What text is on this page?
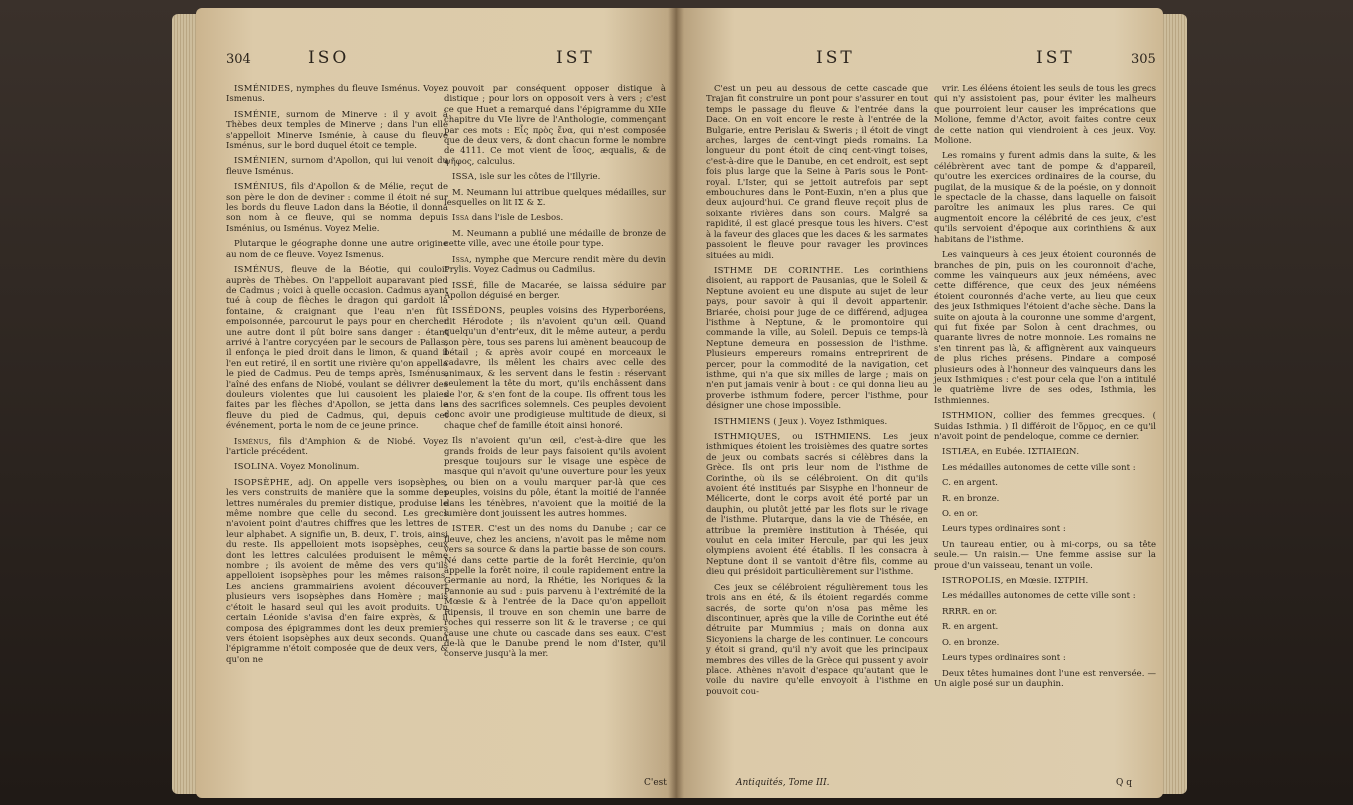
304	ISO	IST

ISMÉNIDES, nymphes du fleuve Isménus. Voyez Ismenus.

ISMÉNIE, surnom de Minerve : il y avoit à Thèbes deux temples de Minerve ; dans l'un elle s'appelloit Minerve Isménie, à cause du fleuve Isménus, sur le bord duquel étoit ce temple.

ISMÉNIEN, surnom d'Apollon, qui lui venoit du fleuve Isménus.

ISMÉNIUS, fils d'Apollon & de Mélie, reçut de son père le don de deviner : comme il étoit né sur les bords du fleuve Ladon dans la Béotie, il donna son nom à ce fleuve, qui se nomma depuis Isménius, ou Isménus. Voyez Melie.

Plutarque le géographe donne une autre origine au nom de ce fleuve. Voyez Ismenus.

ISMÉNUS, fleuve de la Béotie, qui couloit auprès de Thèbes. On l'appelloit auparavant pied de Cadmus ; voici à quelle occasion. Cadmus ayant tué à coup de flèches le dragon qui gardoit la fontaine, & craignant que l'eau n'en fût empoisonnée, parcourut le pays pour en chercher une autre dont il pût boire sans danger : étant arrivé à l'antre corycyéen par le secours de Pallas, il enfonça le pied droit dans le limon, & quand il l'en eut retiré, il en sortit une rivière qu'on appella le pied de Cadmus. Peu de temps après, Isménus, l'aîné des enfans de Niobé, voulant se délivrer des douleurs violentes que lui causoient les plaies faites par les flèches d'Apollon, se jetta dans le fleuve du pied de Cadmus, qui, depuis cet événement, porta le nom de ce jeune prince.

Isménus, fils d'Amphion & de Niobé. Voyez l'article précédent.

ISOLINA. Voyez Monolinum.

ISOPSÈPHE, adj. On appelle vers isopsèphes, les vers construits de manière que la somme des lettres numérales du premier distique, produise le même nombre que celle du second. Les grecs n'avoient point d'autres chiffres que les lettres de leur alphabet. A signifie un, B. deux, Γ. trois, ainsi du reste. Ils appelloient mots isopsèphes, ceux dont les lettres calculées produisent le même nombre ; ils avoient de même des vers qu'ils appelloient isopsèphes pour les mêmes raisons. Les anciens grammairiens avoient découvert plusieurs vers isopsèphes dans Homère ; mais c'étoit le hasard seul qui les avoit produits. Un certain Léonide s'avisa d'en faire exprès, & il composa des épigrammes dont les deux premiers vers étoient isopsèphes aux deux seconds. Quand l'épigramme n'étoit composée que de deux vers, & qu'on ne

pouvoit par conséquent opposer distique à distique ; pour lors on opposoit vers à vers ; c'est ce que Huet a remarqué dans l'épigramme du XIIe chapitre du VIe livre de l'Anthologie, commençant par ces mots : Εἷς πρὸς ἕνα, qui n'est composée que de deux vers, & dont chacun forme le nombre de 4111. Ce mot vient de ἴσος, æqualis, & de ψῆφος, calculus.

ISSA, isle sur les côtes de l'Illyrie.

M. Neumann lui attribue quelques médailles, sur lesquelles on lit IΣ & Σ.

Issa dans l'isle de Lesbos.

M. Neumann a publié une médaille de bronze de cette ville, avec une étoile pour type.

Issa, nymphe que Mercure rendit mère du devin Prylis. Voyez Cadmus ou Cadmilus.

ISSÉ, fille de Macarée, se laissa séduire par Apollon déguisé en berger.

ISSÉDONS, peuples voisins des Hyperboréens, dit Hérodote ; ils n'avoient qu'un œil. Quand quelqu'un d'entr'eux, dit le même auteur, a perdu son père, tous ses parens lui amènent beaucoup de bétail ; & après avoir coupé en morceaux le cadavre, ils mêlent les chairs avec celle des animaux, & les servent dans le festin : réservant seulement la tête du mort, qu'ils enchâssent dans de l'or, & s'en font de la coupe. Ils offrent tous les ans des sacrifices solemnels. Ces peuples devoient donc avoir une prodigieuse multitude de dieux, si chaque chef de famille étoit ainsi honoré.

Ils n'avoient qu'un œil, c'est-à-dire que les grands froids de leur pays faisoient qu'ils avoient presque toujours sur le visage une espèce de masque qui n'avoit qu'une ouverture pour les yeux ; ou bien on a voulu marquer par-là que ces peuples, voisins du pôle, étant la moitié de l'année dans les ténèbres, n'avoient que la moitié de la lumière dont jouissent les autres hommes.

ISTER. C'est un des noms du Danube ; car ce fleuve, chez les anciens, n'avoit pas le même nom vers sa source & dans la partie basse de son cours. Né dans cette partie de la forêt Hercinie, qu'on appelle la forêt noire, il coule rapidement entre la Germanie au nord, la Rhétie, les Noriques & la Pannonie au sud : puis parvenu à l'extrémité de la Mœsie & à l'entrée de la Dace qu'on appelloit Ripensis, il trouve en son chemin une barre de roches qui resserre son lit & le traverse ; ce qui cause une chute ou cascade dans ses eaux. C'est de-là que le Danube prend le nom d'Ister, qu'il conserve jusqu'à la mer.

C'est
IST	IST	305

C'est un peu au dessous de cette cascade que Trajan fit construire un pont pour s'assurer en tout temps le passage du fleuve & l'entrée dans la Dace. On en voit encore le reste à l'entrée de la Bulgarie, entre Perislau & Sweris ; il étoit de vingt arches, larges de cent-vingt pieds romains. La longueur du pont étoit de cinq cent-vingt toises, c'est-à-dire que le Danube, en cet endroit, est sept fois plus large que la Seine à Paris sous le Pont-royal. L'Ister, qui se jettoit autrefois par sept embouchures dans le Pont-Euxin, n'en a plus que deux aujourd'hui. Ce grand fleuve reçoit plus de soixante rivières dans son cours. Malgré sa rapidité, il est glacé presque tous les hivers. C'est à la faveur des glaces que les daces & les sarmates passoient le fleuve pour ravager les provinces situées au midi.

ISTHME DE CORINTHE. Les corinthiens disoient, au rapport de Pausanias, que le Soleil & Neptune avoient eu une dispute au sujet de leur pays, pour savoir à qui il devoit appartenir. Briarée, choisi pour juge de ce différend, adjugea l'isthme à Neptune, & le promontoire qui commande la ville, au Soleil. Depuis ce temps-là Neptune demeura en possession de l'isthme. Plusieurs empereurs romains entreprirent de percer, pour la commodité de la navigation, cet isthme, qui n'a que six milles de large ; mais on n'en put jamais venir à bout : ce qui donna lieu au proverbe isthmum fodere, percer l'isthme, pour désigner une chose impossible.

ISTHMIENS ( Jeux ). Voyez Isthmiques.

ISTHMIQUES, ou ISTHMIENS. Les jeux isthmiques étoient les troisièmes des quatre sortes de jeux ou combats sacrés si célèbres dans la Grèce. Ils ont pris leur nom de l'isthme de Corinthe, où ils se célébroient. On dit qu'ils avoient été institués par Sisyphe en l'honneur de Mélicerte, dont le corps avoit été porté par un dauphin, ou plutôt jetté par les flots sur le rivage de l'isthme. Plutarque, dans la vie de Thésée, en attribue la première institution à Thésée, qui voulut en cela imiter Hercule, par qui les jeux olympiens avoient été établis. Il les consacra à Neptune dont il se vantoit d'être fils, comme au dieu qui présidoit particulièrement sur l'isthme.

Ces jeux se célébroient régulièrement tous les trois ans en été, & ils étoient regardés comme sacrés, de sorte qu'on n'osa pas même les discontinuer, après que la ville de Corinthe eut été détruite par Mummius ; mais on donna aux Sicyoniens la charge de les continuer. Le concours y étoit si grand, qu'il n'y avoit que les principaux membres des villes de la Grèce qui pussent y avoir place. Athènes n'avoit d'espace qu'autant que le voile du navire qu'elle envoyoit à l'isthme en pouvoit cou-

vrir. Les éléens étoient les seuls de tous les grecs qui n'y assistoient pas, pour éviter les malheurs que pourroient leur causer les imprécations que Molione, femme d'Actor, avoit faites contre ceux de cette nation qui viendroient à ces jeux. Voy. Molione.

Les romains y furent admis dans la suite, & les célébrèrent avec tant de pompe & d'appareil, qu'outre les exercices ordinaires de la course, du pugilat, de la musique & de la poésie, on y donnoit le spectacle de la chasse, dans laquelle on faisoit paroître les animaux les plus rares. Ce qui augmentoit encore la célébrité de ces jeux, c'est qu'ils servoient d'époque aux corinthiens & aux habitans de l'isthme.

Les vainqueurs à ces jeux étoient couronnés de branches de pin, puis on les couronnoit d'ache, comme les vainqueurs aux jeux néméens, avec cette différence, que ceux des jeux néméens étoient couronnés d'ache verte, au lieu que ceux des jeux Isthmiques l'étoient d'ache sèche. Dans la suite on ajouta à la couronne une somme d'argent, qui fut fixée par Solon à cent drachmes, ou quarante livres de notre monnoie. Les romains ne s'en tinrent pas là, & affignèrent aux vainqueurs de plus riches présens. Pindare a composé plusieurs odes à l'honneur des vainqueurs dans les jeux Isthmiques : c'est pour cela que l'on a intitulé le quatrième livre de ses odes, Isthmia, les Isthmiennes.

ISTHMION, collier des femmes grecques. ( Suidas Isthmia. ) Il différoit de l'ὅρμος, en ce qu'il n'avoit point de pendeloque, comme ce dernier.

ISTIÆA, en Eubée. ΙΣΤΙΑΙΕΩΝ.

Les médailles autonomes de cette ville sont :

C. en argent.

R. en bronze.

O. en or.

Leurs types ordinaires sont :

Un taureau entier, ou à mi-corps, ou sa tête seule.— Un raisin.— Une femme assise sur la proue d'un vaisseau, tenant un voile.

ISTROPOLIS, en Mœsie. ΙΣΤΡΙΗ.

Les médailles autonomes de cette ville sont :

RRRR. en or.

R. en argent.

O. en bronze.

Leurs types ordinaires sont :

Deux têtes humaines dont l'une est renversée. — Un aigle posé sur un dauphin.

Antiquités, Tome III.	Q q
